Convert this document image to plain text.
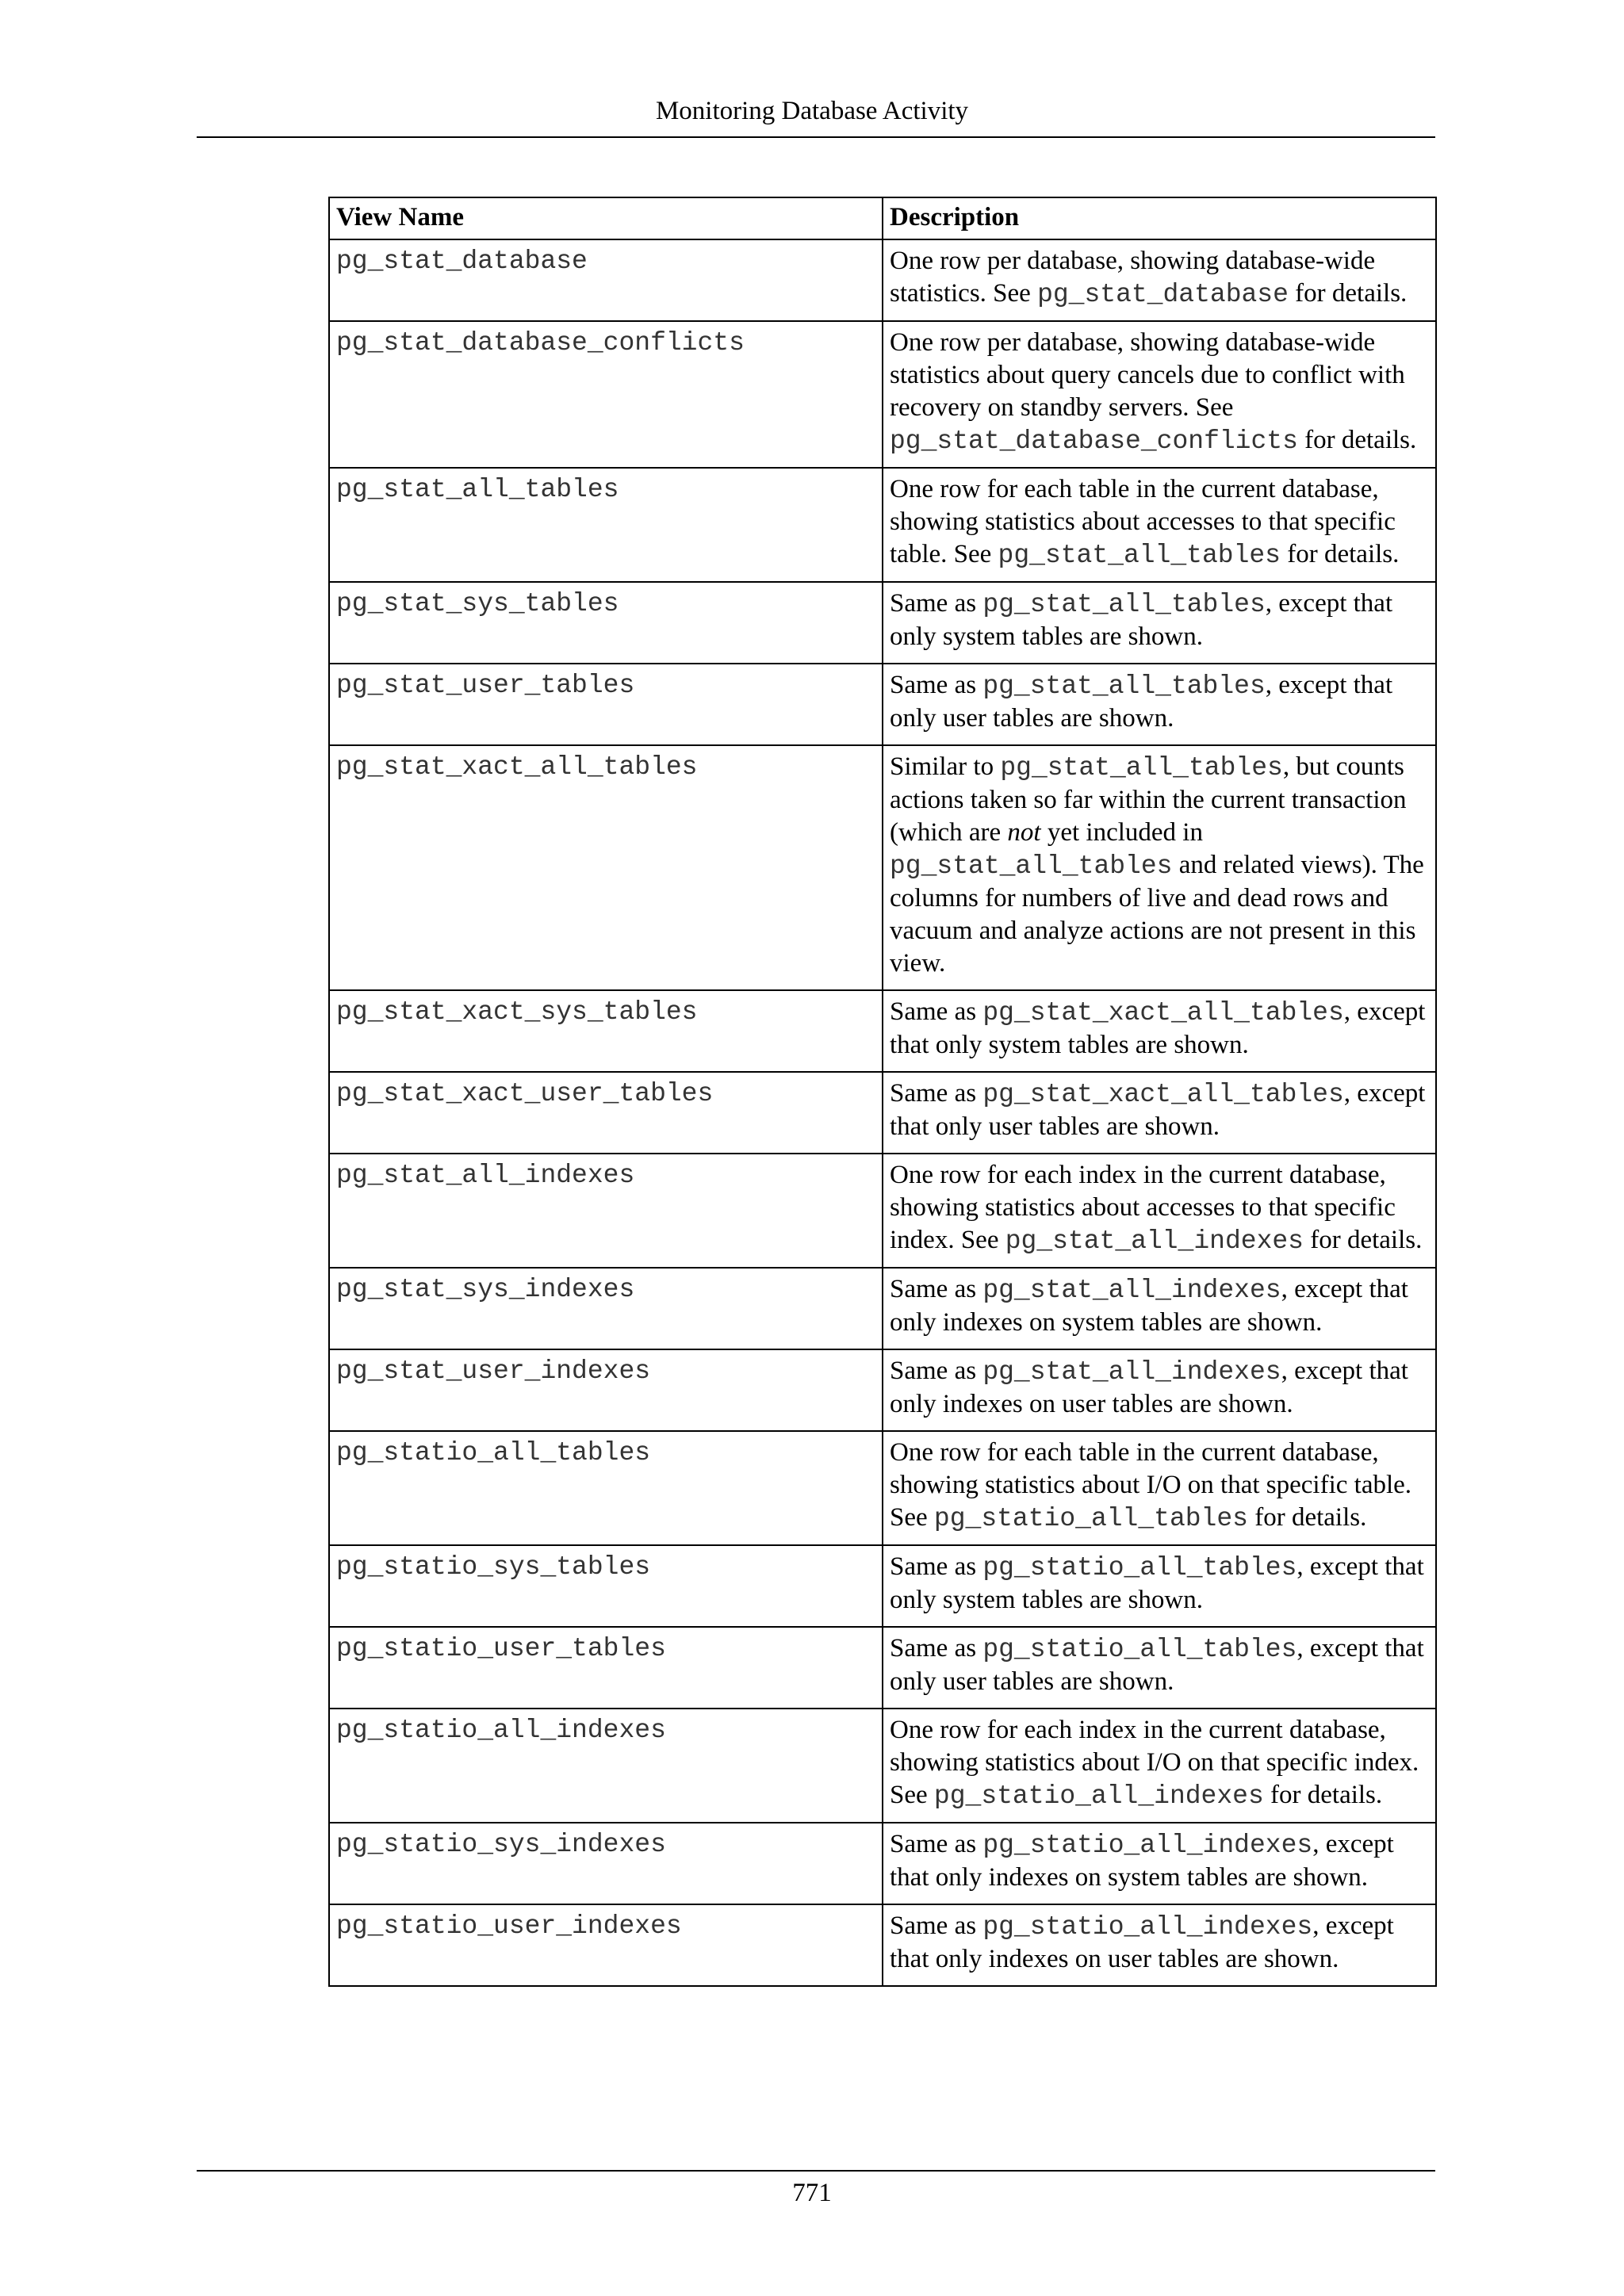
Monitoring Database Activity
View Name	Description
pg_stat_database	One row per database, showing database-wide statistics. See pg_stat_database for details.
pg_stat_database_conflicts	One row per database, showing database-wide statistics about query cancels due to conflict with recovery on standby servers. See pg_stat_database_conflicts for details.
pg_stat_all_tables	One row for each table in the current database, showing statistics about accesses to that specific table. See pg_stat_all_tables for details.
pg_stat_sys_tables	Same as pg_stat_all_tables, except that only system tables are shown.
pg_stat_user_tables	Same as pg_stat_all_tables, except that only user tables are shown.
pg_stat_xact_all_tables	Similar to pg_stat_all_tables, but counts actions taken so far within the current transaction (which are not yet included in pg_stat_all_tables and related views). The columns for numbers of live and dead rows and vacuum and analyze actions are not present in this view.
pg_stat_xact_sys_tables	Same as pg_stat_xact_all_tables, except that only system tables are shown.
pg_stat_xact_user_tables	Same as pg_stat_xact_all_tables, except that only user tables are shown.
pg_stat_all_indexes	One row for each index in the current database, showing statistics about accesses to that specific index. See pg_stat_all_indexes for details.
pg_stat_sys_indexes	Same as pg_stat_all_indexes, except that only indexes on system tables are shown.
pg_stat_user_indexes	Same as pg_stat_all_indexes, except that only indexes on user tables are shown.
pg_statio_all_tables	One row for each table in the current database, showing statistics about I/O on that specific table. See pg_statio_all_tables for details.
pg_statio_sys_tables	Same as pg_statio_all_tables, except that only system tables are shown.
pg_statio_user_tables	Same as pg_statio_all_tables, except that only user tables are shown.
pg_statio_all_indexes	One row for each index in the current database, showing statistics about I/O on that specific index. See pg_statio_all_indexes for details.
pg_statio_sys_indexes	Same as pg_statio_all_indexes, except that only indexes on system tables are shown.
pg_statio_user_indexes	Same as pg_statio_all_indexes, except that only indexes on user tables are shown.
771
